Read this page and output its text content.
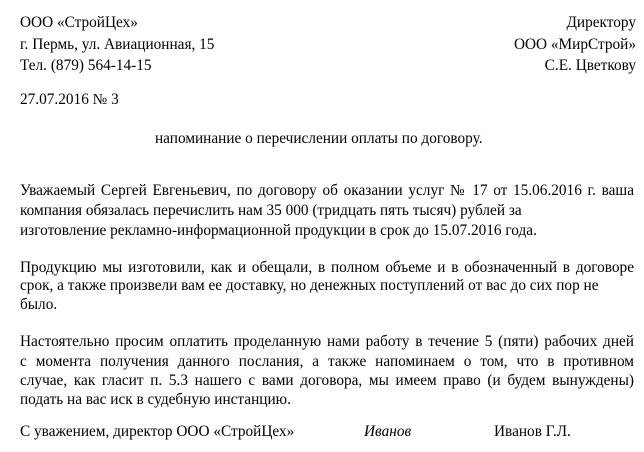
ООО «СтройЦех»
г. Пермь, ул. Авиационная, 15
Тел. (879) 564-14-15
Директору
ООО «МирСтрой»
С.Е. Цветкову
27.07.2016 № 3
напоминание о перечислении оплаты по договору.
Уважаемый Сергей Евгеньевич, по договору об оказании услуг № 17 от 15.06.2016 г. ваша
компания обязалась перечислить нам 35 000 (тридцать пять тысяч) рублей за
изготовление рекламно-информационной продукции в срок до 15.07.2016 года.
Продукцию мы изготовили, как и обещали, в полном объеме и в обозначенный в договоре
срок, а также произвели вам ее доставку, но денежных поступлений от вас до сих пор не
было.
Настоятельно просим оплатить проделанную нами работу в течение 5 (пяти) рабочих дней
с момента получения данного послания, а также напоминаем о том, что в противном
случае, как гласит п. 5.3 нашего с вами договора, мы имеем право (и будем вынуждены)
подать на вас иск в судебную инстанцию.
С уважением, директор ООО «СтройЦех»	Иванов	Иванов Г.Л.
